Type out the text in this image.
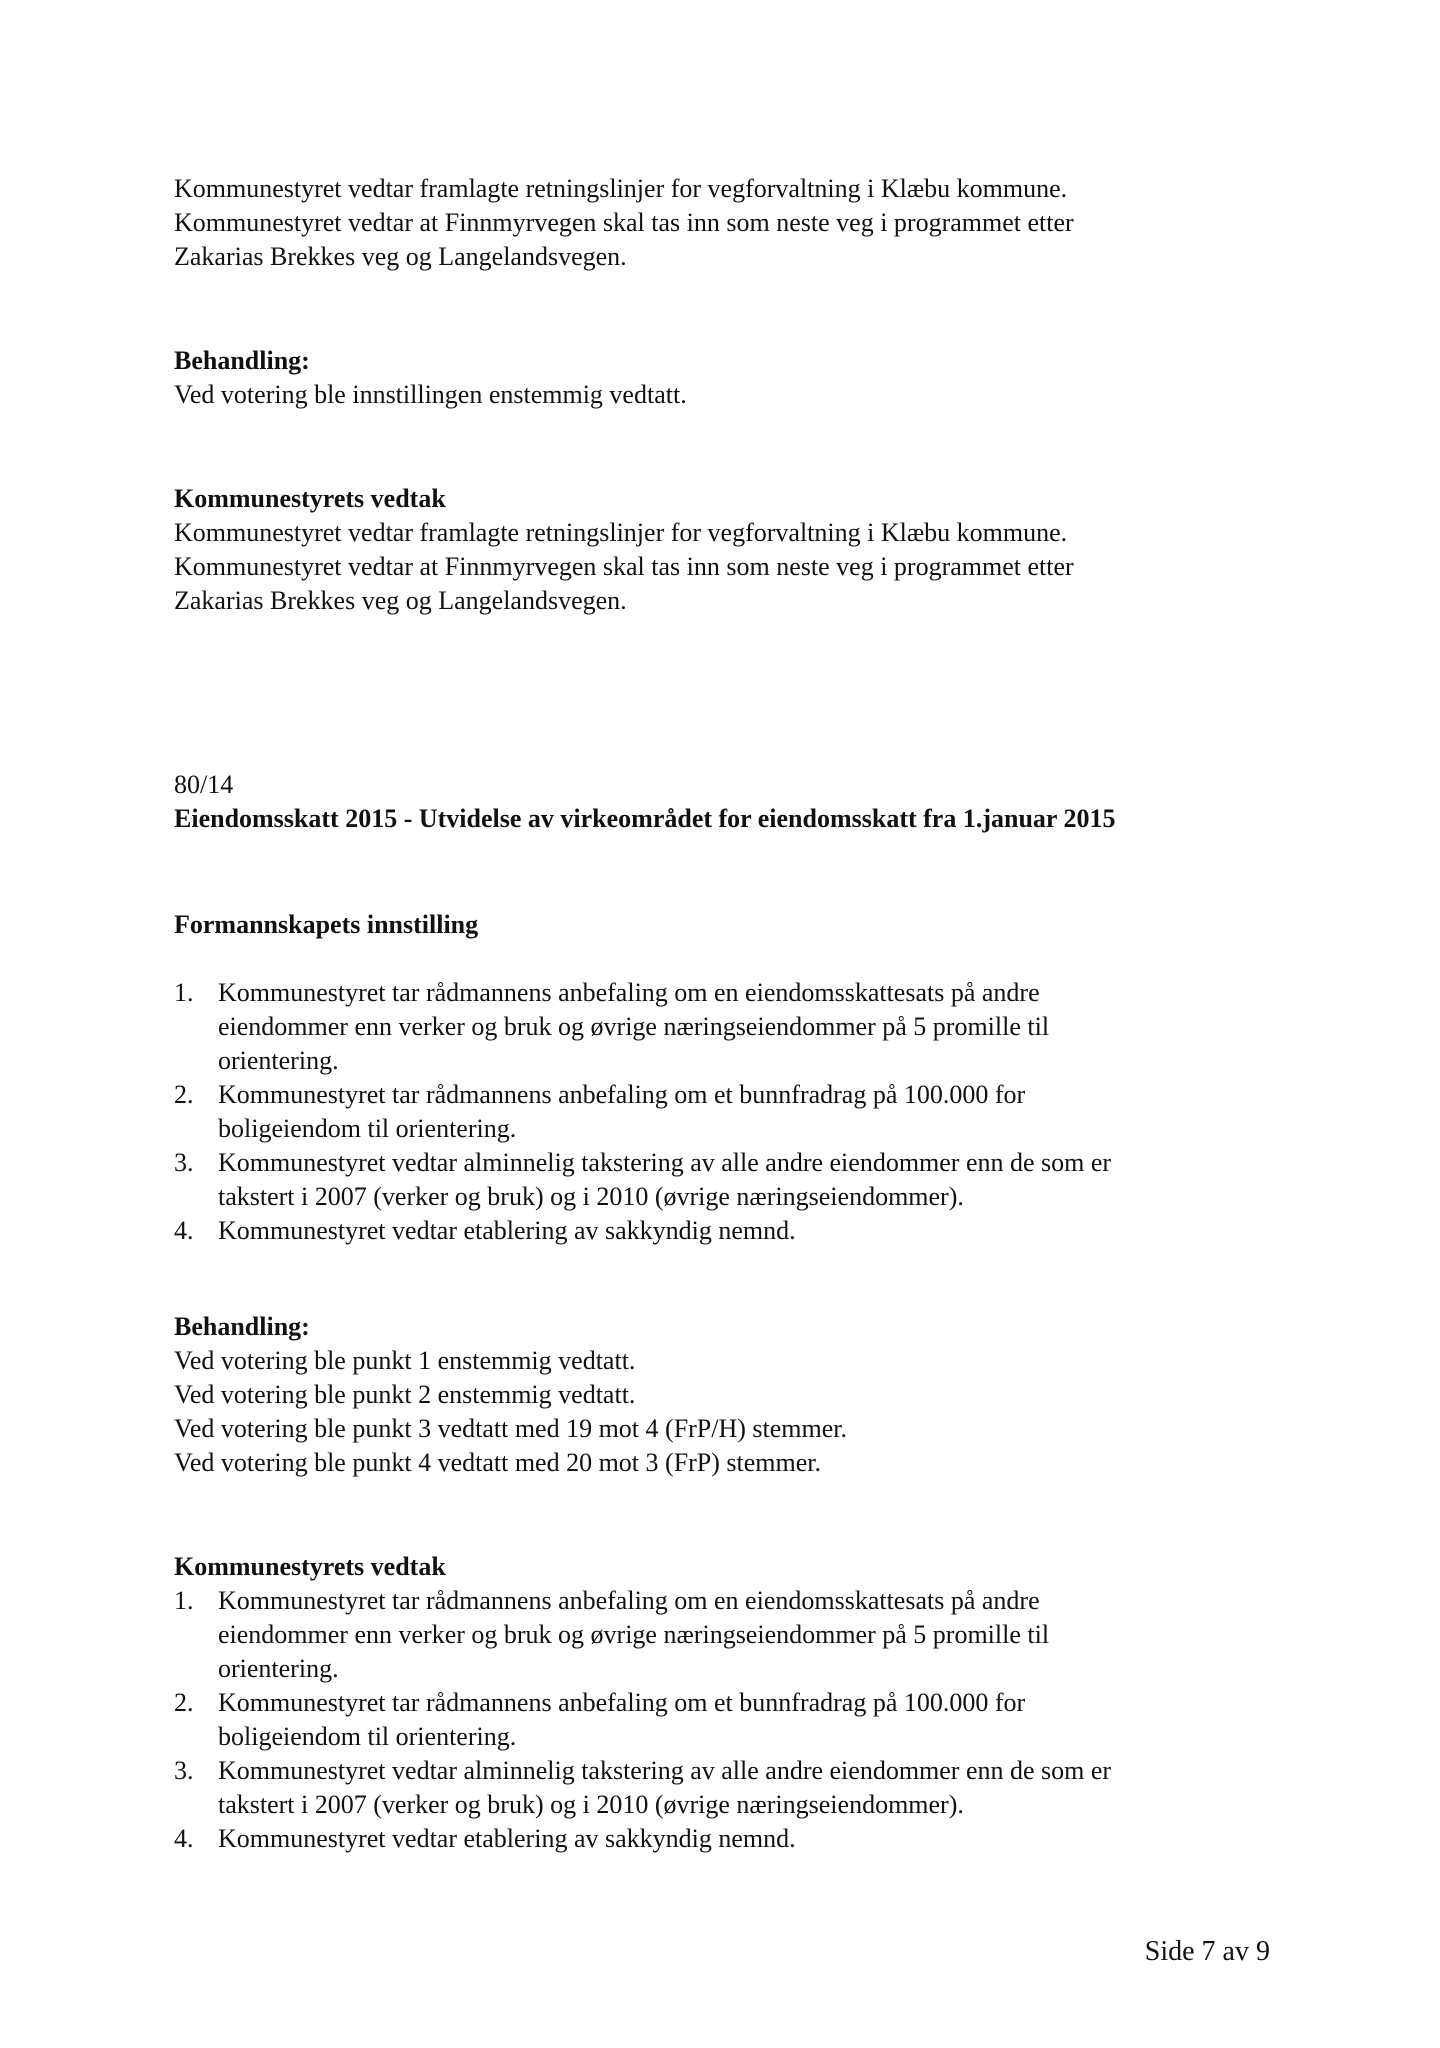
Kommunestyret vedtar framlagte retningslinjer for vegforvaltning i Klæbu kommune.

Kommunestyret vedtar at Finnmyrvegen skal tas inn som neste veg i programmet etter

Zakarias Brekkes veg og Langelandsvegen.

Behandling:

Ved votering ble innstillingen enstemmig vedtatt.

Kommunestyrets vedtak

Kommunestyret vedtar framlagte retningslinjer for vegforvaltning i Klæbu kommune.

Kommunestyret vedtar at Finnmyrvegen skal tas inn som neste veg i programmet etter

Zakarias Brekkes veg og Langelandsvegen.

80/14

Eiendomsskatt 2015 - Utvidelse av virkeområdet for eiendomsskatt fra 1.januar 2015

Formannskapets innstilling

1. Kommunestyret tar rådmannens anbefaling om en eiendomsskattesats på andre

eiendommer enn verker og bruk og øvrige næringseiendommer på 5 promille til

orientering.

2. Kommunestyret tar rådmannens anbefaling om et bunnfradrag på 100.000 for

boligeiendom til orientering.

3. Kommunestyret vedtar alminnelig takstering av alle andre eiendommer enn de som er

takstert i 2007 (verker og bruk) og i 2010 (øvrige næringseiendommer).

4. Kommunestyret vedtar etablering av sakkyndig nemnd.

Behandling:

Ved votering ble punkt 1 enstemmig vedtatt.

Ved votering ble punkt 2 enstemmig vedtatt.

Ved votering ble punkt 3 vedtatt med 19 mot 4 (FrP/H) stemmer.

Ved votering ble punkt 4 vedtatt med 20 mot 3 (FrP) stemmer.

Kommunestyrets vedtak

1. Kommunestyret tar rådmannens anbefaling om en eiendomsskattesats på andre

eiendommer enn verker og bruk og øvrige næringseiendommer på 5 promille til

orientering.

2. Kommunestyret tar rådmannens anbefaling om et bunnfradrag på 100.000 for

boligeiendom til orientering.

3. Kommunestyret vedtar alminnelig takstering av alle andre eiendommer enn de som er

takstert i 2007 (verker og bruk) og i 2010 (øvrige næringseiendommer).

4. Kommunestyret vedtar etablering av sakkyndig nemnd.

Side 7 av 9
